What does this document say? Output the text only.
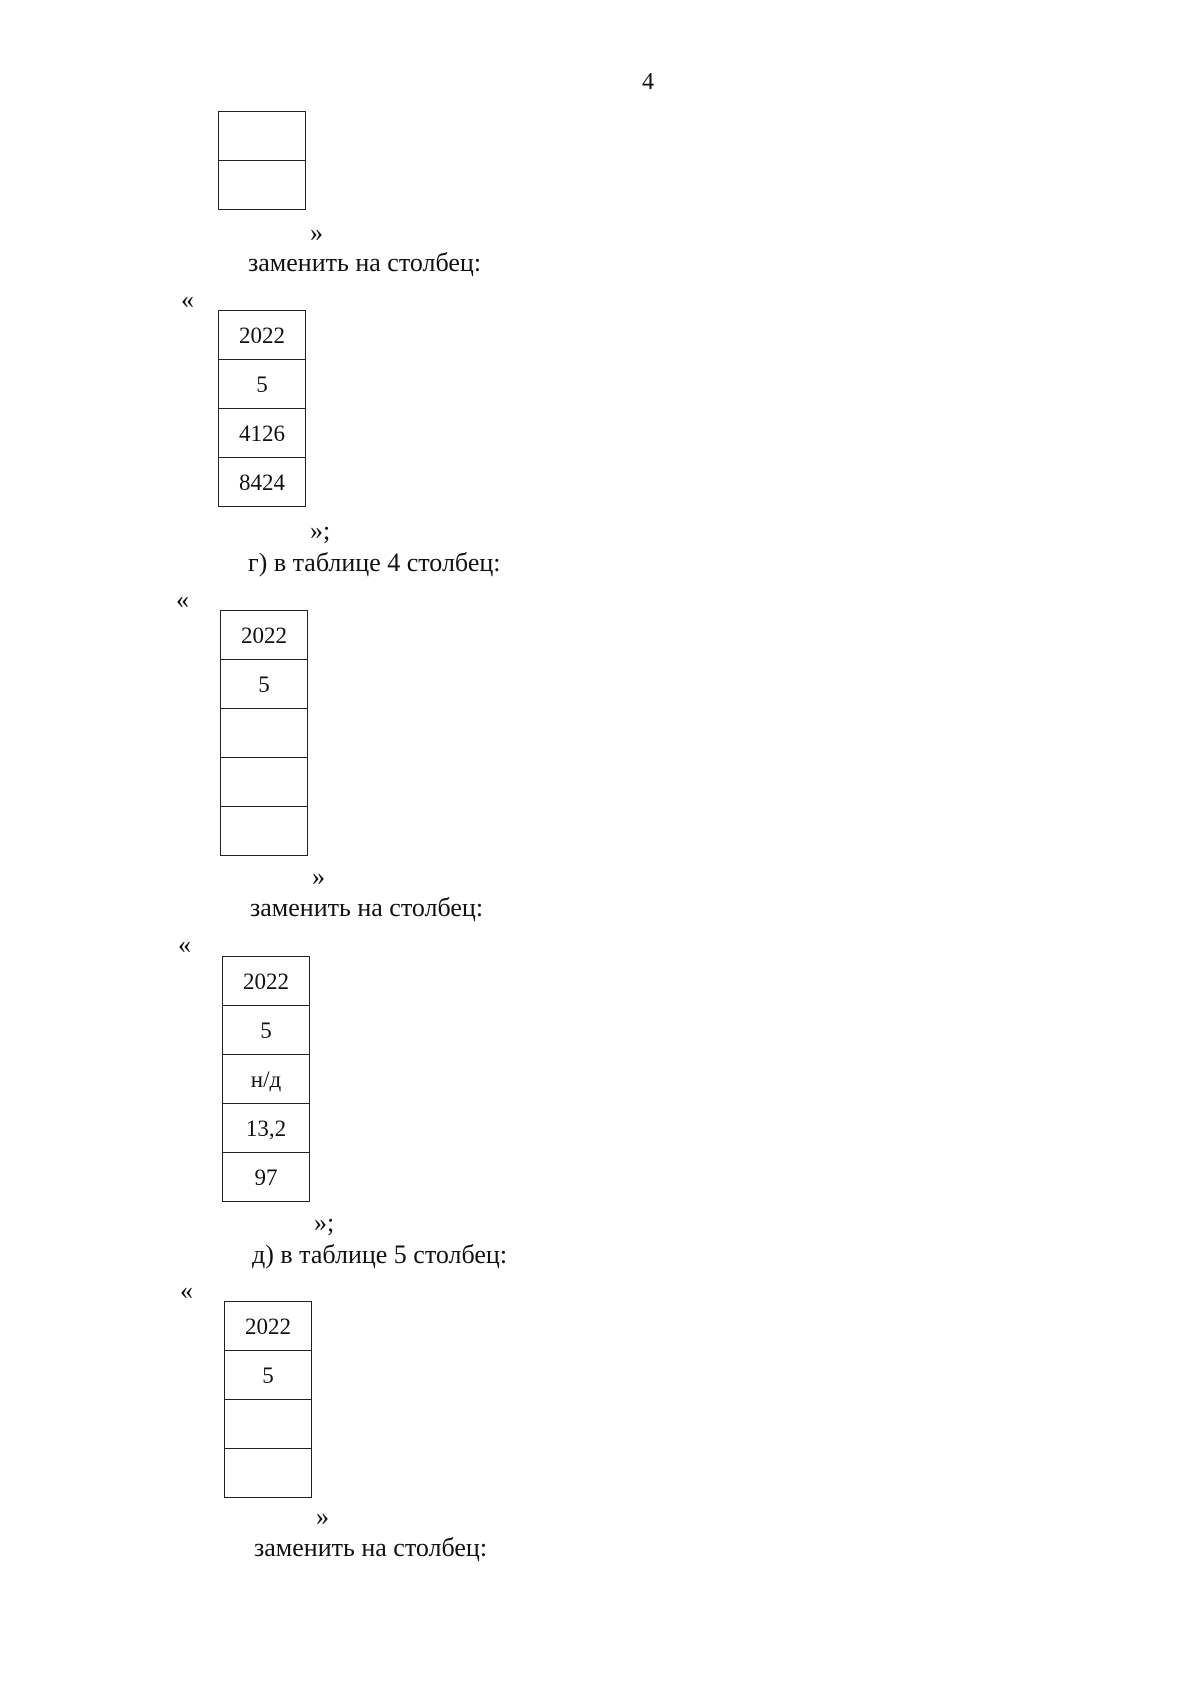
4

»
заменить на столбец:
«
2022
5
4126
8424
»;
г) в таблице 4 столбец:
«
2022
5

»
заменить на столбец:
«
2022
5
н/д
13,2
97
»;
д) в таблице 5 столбец:
«
2022
5

»
заменить на столбец:
